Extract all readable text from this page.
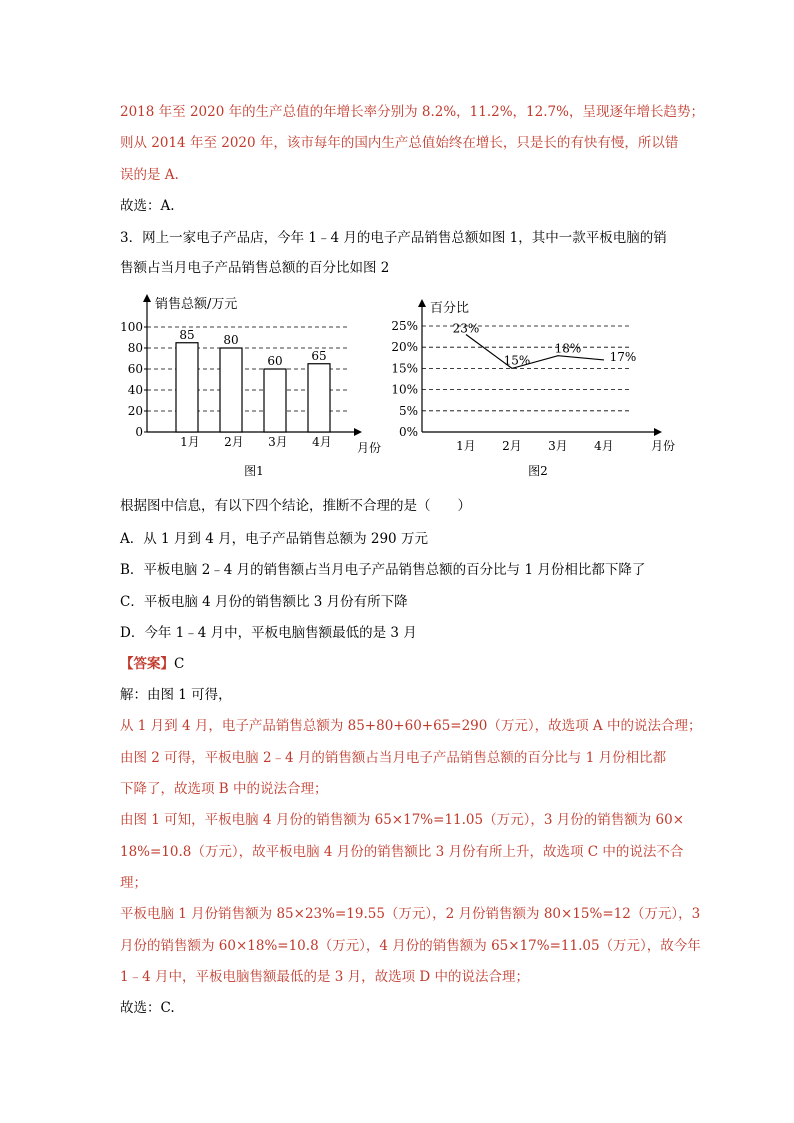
2018 年至 2020 年的生产总值的年增长率分别为 8.2%，11.2%，12.7%，呈现逐年增长趋势；
则从 2014 年至 2020 年，该市每年的国内生产总值始终在增长，只是长的有快有慢，所以错
误的是 A.
故选：A.
3．网上一家电子产品店，今年 1﹣4 月的电子产品销售总额如图 1，其中一款平板电脑的销
售额占当月电子产品销售总额的百分比如图 2
0
20
40
60
80
100
销售总额/万元
85
1月
80
2月
60
3月
65
4月 月份
图1
0%
5%
10%
15%
20%
25%
百分比
23%
1月
15%
2月
18%
3月
17%
4月	月份
图2
根据图中信息，有以下四个结论，推断不合理的是（　　）
A．从 1 月到 4 月，电子产品销售总额为 290 万元
B．平板电脑 2﹣4 月的销售额占当月电子产品销售总额的百分比与 1 月份相比都下降了
C．平板电脑 4 月份的销售额比 3 月份有所下降
D．今年 1﹣4 月中，平板电脑售额最低的是 3 月
【答案】C
解：由图 1 可得，
从 1 月到 4 月，电子产品销售总额为 85+80+60+65=290（万元），故选项 A 中的说法合理；
由图 2 可得，平板电脑 2﹣4 月的销售额占当月电子产品销售总额的百分比与 1 月份相比都
下降了，故选项 B 中的说法合理；
由图 1 可知，平板电脑 4 月份的销售额为 65×17%=11.05（万元），3 月份的销售额为 60×
18%=10.8（万元），故平板电脑 4 月份的销售额比 3 月份有所上升，故选项 C 中的说法不合
理；
平板电脑 1 月份销售额为 85×23%=19.55（万元），2 月份销售额为 80×15%=12（万元），3
月份的销售额为 60×18%=10.8（万元），4 月份的销售额为 65×17%=11.05（万元），故今年
1﹣4 月中，平板电脑售额最低的是 3 月，故选项 D 中的说法合理；
故选：C.
